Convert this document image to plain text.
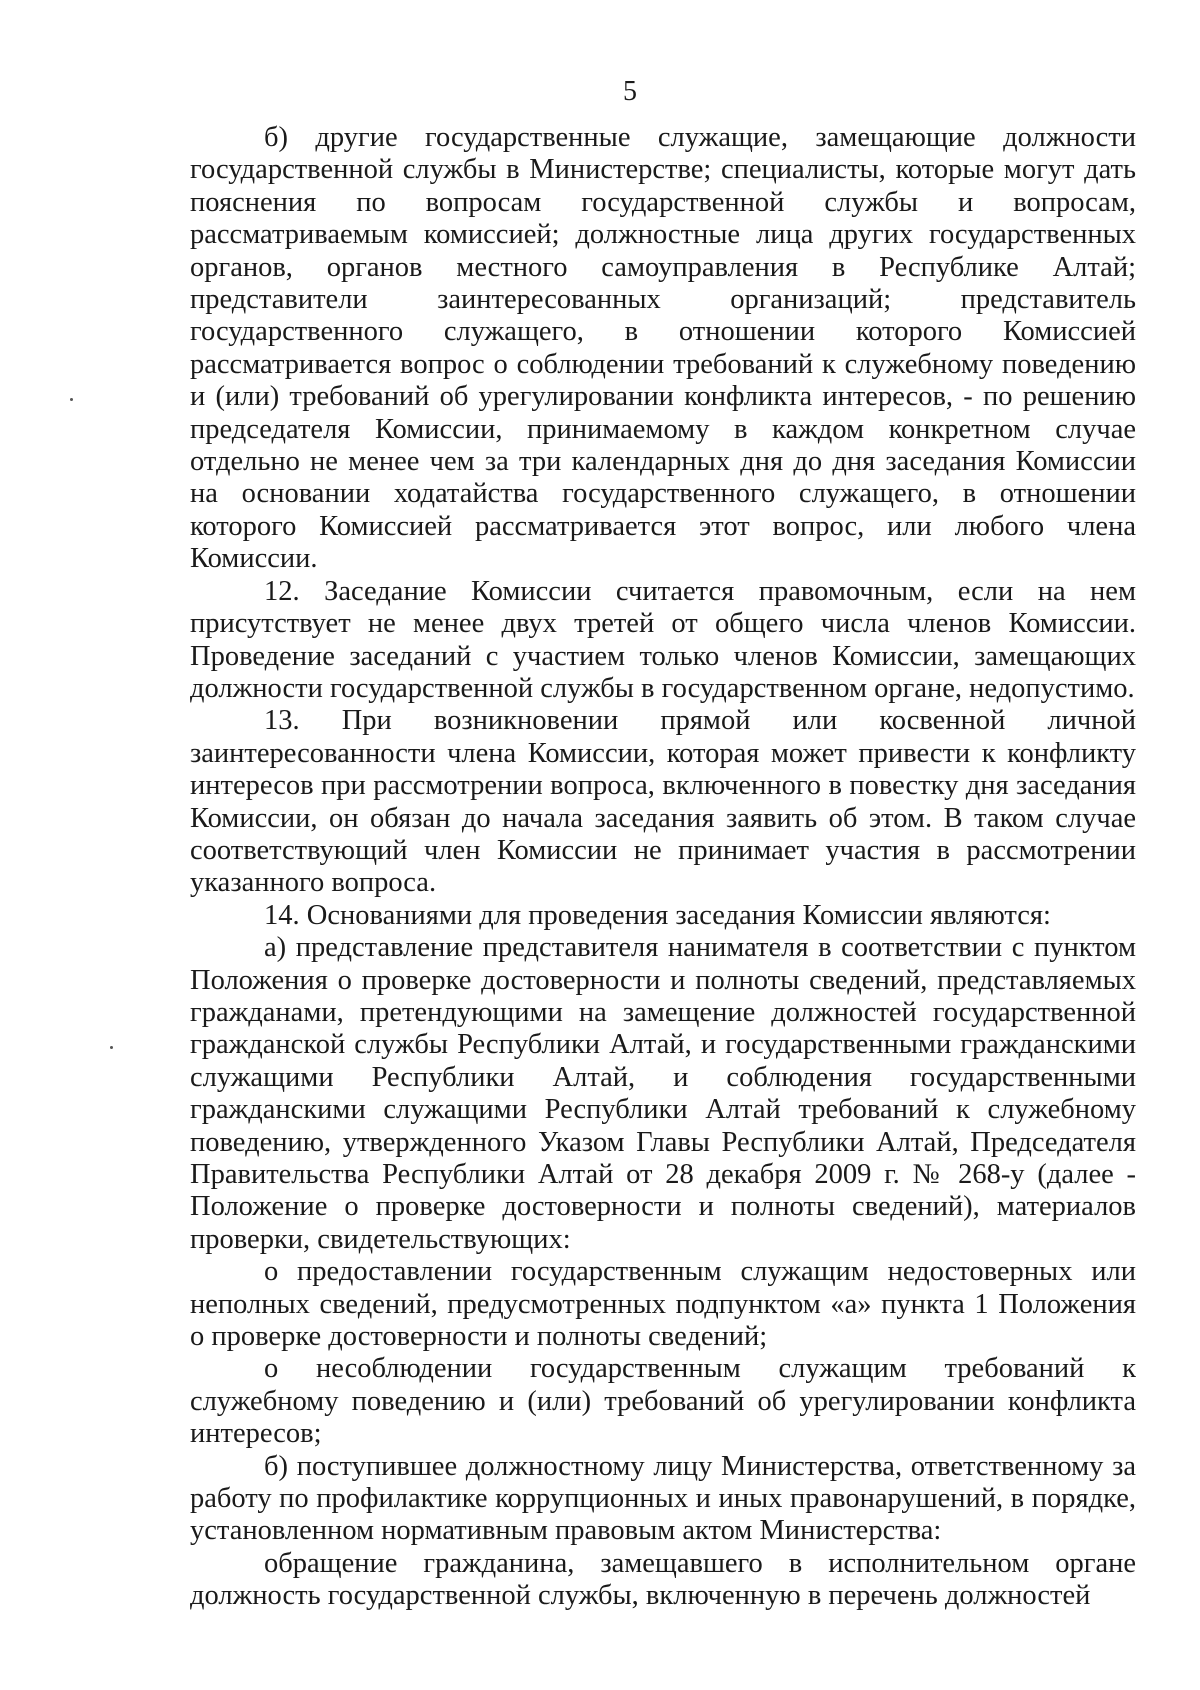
5

б) другие государственные служащие, замещающие должности государственной службы в Министерстве; специалисты, которые могут дать пояснения по вопросам государственной службы и вопросам, рассматриваемым комиссией; должностные лица других государственных органов, органов местного самоуправления в Республике Алтай; представители заинтересованных организаций; представитель государственного служащего, в отношении которого Комиссией рассматривается вопрос о соблюдении требований к служебному поведению и (или) требований об урегулировании конфликта интересов, - по решению председателя Комиссии, принимаемому в каждом конкретном случае отдельно не менее чем за три календарных дня до дня заседания Комиссии на основании ходатайства государственного служащего, в отношении которого Комиссией рассматривается этот вопрос, или любого члена Комиссии.

12. Заседание Комиссии считается правомочным, если на нем присутствует не менее двух третей от общего числа членов Комиссии. Проведение заседаний с участием только членов Комиссии, замещающих должности государственной службы в государственном органе, недопустимо.

13. При возникновении прямой или косвенной личной заинтересованности члена Комиссии, которая может привести к конфликту интересов при рассмотрении вопроса, включенного в повестку дня заседания Комиссии, он обязан до начала заседания заявить об этом. В таком случае соответствующий член Комиссии не принимает участия в рассмотрении указанного вопроса.

14. Основаниями для проведения заседания Комиссии являются:

а) представление представителя нанимателя в соответствии с пунктом Положения о проверке достоверности и полноты сведений, представляемых гражданами, претендующими на замещение должностей государственной гражданской службы Республики Алтай, и государственными гражданскими служащими Республики Алтай, и соблюдения государственными гражданскими служащими Республики Алтай требований к служебному поведению, утвержденного Указом Главы Республики Алтай, Председателя Правительства Республики Алтай от 28 декабря 2009 г. № 268-у (далее - Положение о проверке достоверности и полноты сведений), материалов проверки, свидетельствующих:

о предоставлении государственным служащим недостоверных или неполных сведений, предусмотренных подпунктом «а» пункта 1 Положения о проверке достоверности и полноты сведений;

о несоблюдении государственным служащим требований к служебному поведению и (или) требований об урегулировании конфликта интересов;

б) поступившее должностному лицу Министерства, ответственному за работу по профилактике коррупционных и иных правонарушений, в порядке, установленном нормативным правовым актом Министерства:

обращение гражданина, замещавшего в исполнительном органе должность государственной службы, включенную в перечень должностей
